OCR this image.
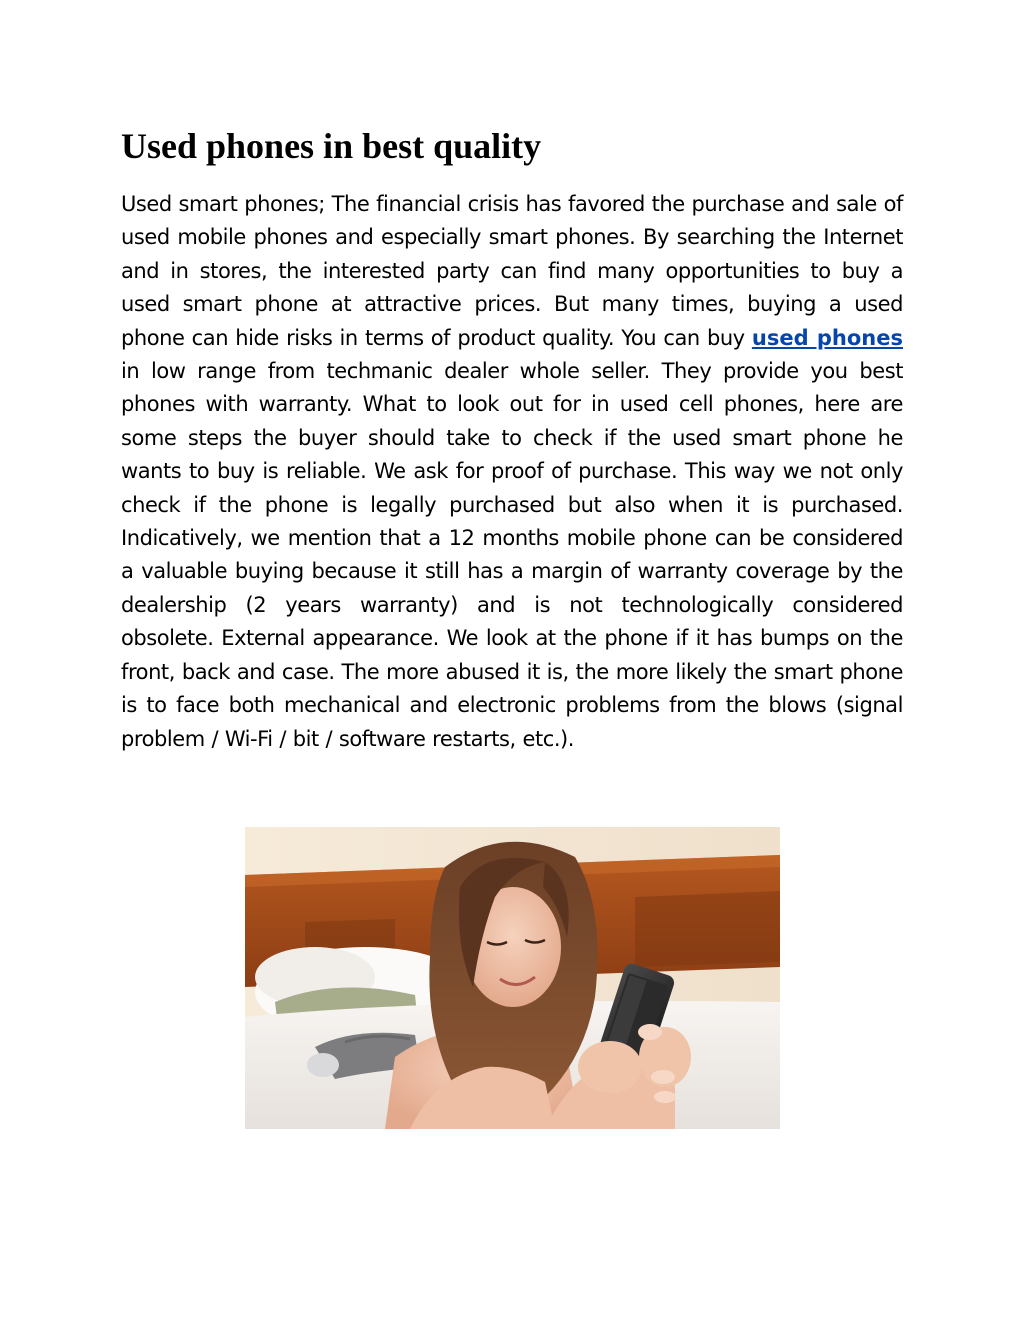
Used phones in best quality

Used smart phones; The financial crisis has favored the purchase and sale of used mobile phones and especially smart phones. By searching the Internet and in stores, the interested party can find many opportunities to buy a used smart phone at attractive prices. But many times, buying a used phone can hide risks in terms of product quality. You can buy used phones in low range from techmanic dealer whole seller. They provide you best phones with warranty. What to look out for in used cell phones, here are some steps the buyer should take to check if the used smart phone he wants to buy is reliable. We ask for proof of purchase. This way we not only check if the phone is legally purchased but also when it is purchased. Indicatively, we mention that a 12 months mobile phone can be considered a valuable buying because it still has a margin of warranty coverage by the dealership (2 years warranty) and is not technologically considered obsolete. External appearance. We look at the phone if it has bumps on the front, back and case. The more abused it is, the more likely the smart phone is to face both mechanical and electronic problems from the blows (signal problem / Wi-Fi / bit / software restarts, etc.).
